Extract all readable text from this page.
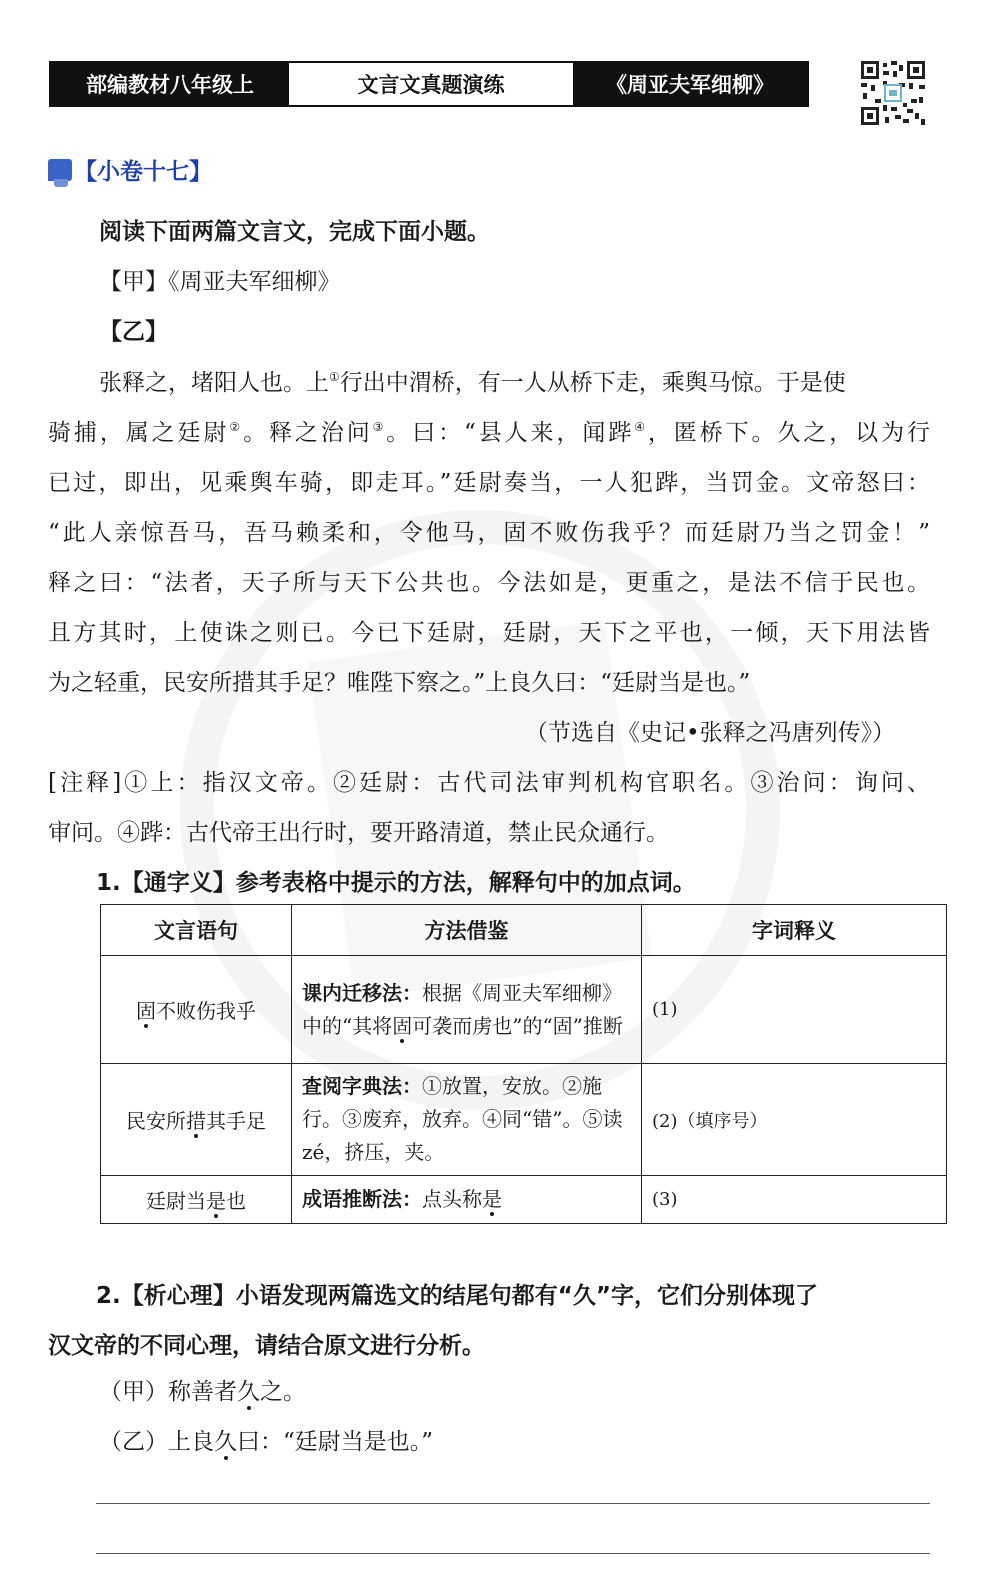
部编教材八年级上	文言文真题演练	《周亚夫军细柳》
【小卷十七】
阅读下面两篇文言文，完成下面小题。
【甲】《周亚夫军细柳》
【乙】
张释之，堵阳人也。上①行出中渭桥，有一人从桥下走，乘舆马惊。于是使
骑捕，属之廷尉②。释之治问③。曰：“县人来，闻跸④，匿桥下。久之，以为行
已过，即出，见乘舆车骑，即走耳。”廷尉奏当，一人犯跸，当罚金。文帝怒曰：
“此人亲惊吾马，吾马赖柔和，令他马，固不败伤我乎？而廷尉乃当之罚金！”
释之曰：“法者，天子所与天下公共也。今法如是，更重之，是法不信于民也。
且方其时，上使诛之则已。今已下廷尉，廷尉，天下之平也，一倾，天下用法皆
为之轻重，民安所措其手足？唯陛下察之。”上良久曰：“廷尉当是也。”
（节选自《史记•张释之冯唐列传》）
[注释]①上：指汉文帝。②廷尉：古代司法审判机构官职名。③治问：询问、
审问。④跸：古代帝王出行时，要开路清道，禁止民众通行。
1.【通字义】参考表格中提示的方法，解释句中的加点词。
文言语句	方法借鉴	字词释义
固不败伤我乎	课内迁移法：根据《周亚夫军细柳》中的“其将固可袭而虏也”的“固”推断	(1)
民安所措其手足	查阅字典法：①放置，安放。②施行。③废弃，放弃。④同“错”。⑤读 zé，挤压，夹。	(2)（填序号）
廷尉当是也	成语推断法：点头称是	(3)
2.【析心理】小语发现两篇选文的结尾句都有“久”字，它们分别体现了
汉文帝的不同心理，请结合原文进行分析。
（甲）称善者久之。
（乙）上良久曰：“廷尉当是也。”
